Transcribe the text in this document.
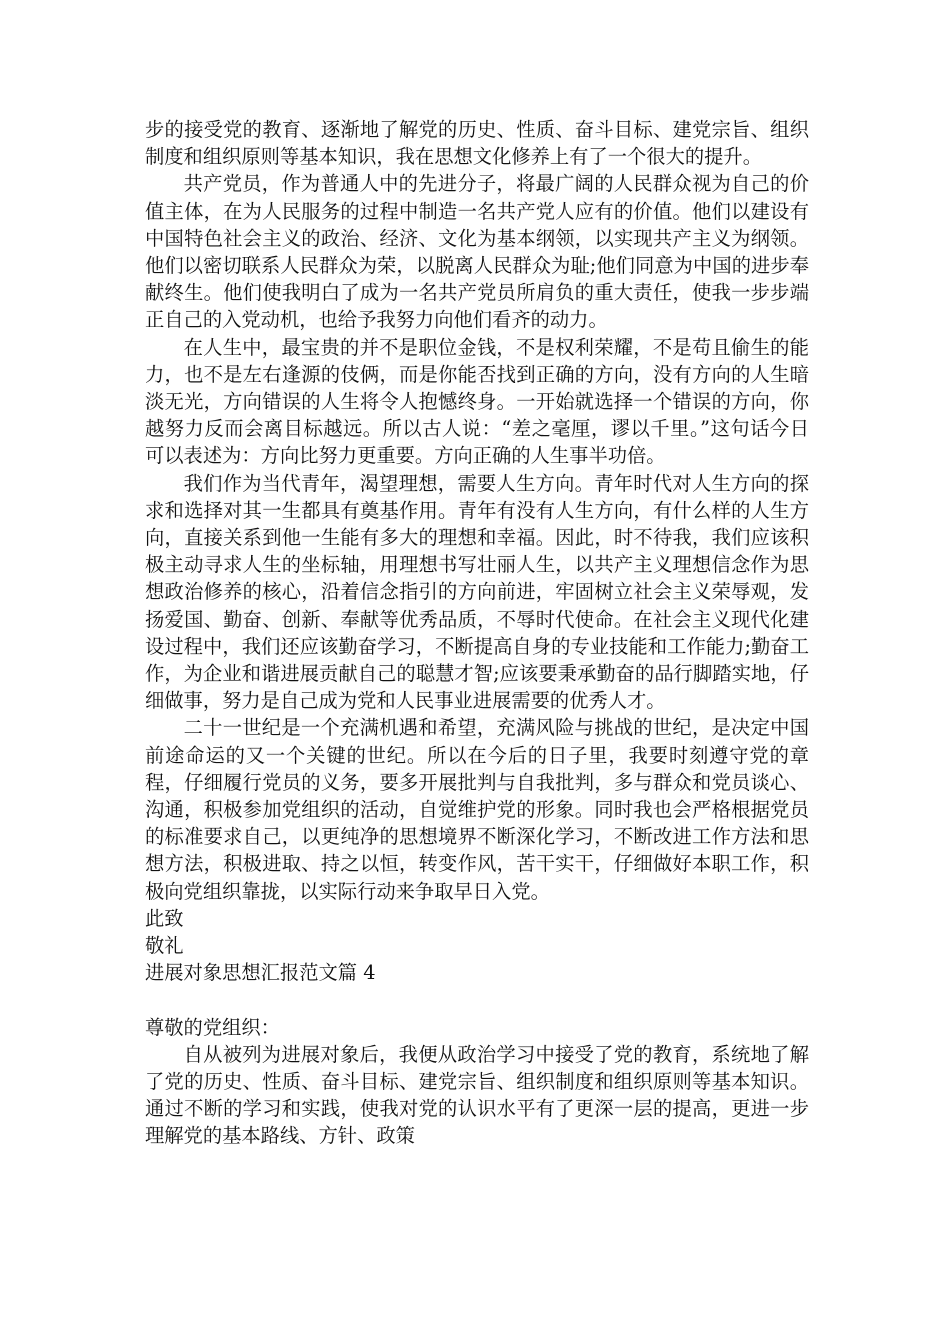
步的接受党的教育、逐渐地了解党的历史、性质、奋斗目标、建党宗旨、组织制度和组织原则等基本知识，我在思想文化修养上有了一个很大的提升。

共产党员，作为普通人中的先进分子，将最广阔的人民群众视为自己的价值主体，在为人民服务的过程中制造一名共产党人应有的价值。他们以建设有中国特色社会主义的政治、经济、文化为基本纲领，以实现共产主义为纲领。他们以密切联系人民群众为荣，以脱离人民群众为耻;他们同意为中国的进步奉献终生。他们使我明白了成为一名共产党员所肩负的重大责任，使我一步步端正自己的入党动机，也给予我努力向他们看齐的动力。

在人生中，最宝贵的并不是职位金钱，不是权利荣耀，不是苟且偷生的能力，也不是左右逢源的伎俩，而是你能否找到正确的方向，没有方向的人生暗淡无光，方向错误的人生将令人抱憾终身。一开始就选择一个错误的方向，你越努力反而会离目标越远。所以古人说：“差之毫厘，谬以千里。”这句话今日可以表述为：方向比努力更重要。方向正确的人生事半功倍。

我们作为当代青年，渴望理想，需要人生方向。青年时代对人生方向的探求和选择对其一生都具有奠基作用。青年有没有人生方向，有什么样的人生方向，直接关系到他一生能有多大的理想和幸福。因此，时不待我，我们应该积极主动寻求人生的坐标轴，用理想书写壮丽人生，以共产主义理想信念作为思想政治修养的核心，沿着信念指引的方向前进，牢固树立社会主义荣辱观，发扬爱国、勤奋、创新、奉献等优秀品质，不辱时代使命。在社会主义现代化建设过程中，我们还应该勤奋学习，不断提高自身的专业技能和工作能力;勤奋工作，为企业和谐进展贡献自己的聪慧才智;应该要秉承勤奋的品行脚踏实地，仔细做事，努力是自己成为党和人民事业进展需要的优秀人才。

二十一世纪是一个充满机遇和希望，充满风险与挑战的世纪，是决定中国前途命运的又一个关键的世纪。所以在今后的日子里，我要时刻遵守党的章程，仔细履行党员的义务，要多开展批判与自我批判，多与群众和党员谈心、沟通，积极参加党组织的活动，自觉维护党的形象。同时我也会严格根据党员的标准要求自己，以更纯净的思想境界不断深化学习，不断改进工作方法和思想方法，积极进取、持之以恒，转变作风，苦干实干，仔细做好本职工作，积极向党组织靠拢，以实际行动来争取早日入党。

此致

敬礼

进展对象思想汇报范文篇 4

尊敬的党组织：

自从被列为进展对象后，我便从政治学习中接受了党的教育，系统地了解了党的历史、性质、奋斗目标、建党宗旨、组织制度和组织原则等基本知识。通过不断的学习和实践，使我对党的认识水平有了更深一层的提高，更进一步理解党的基本路线、方针、政策
